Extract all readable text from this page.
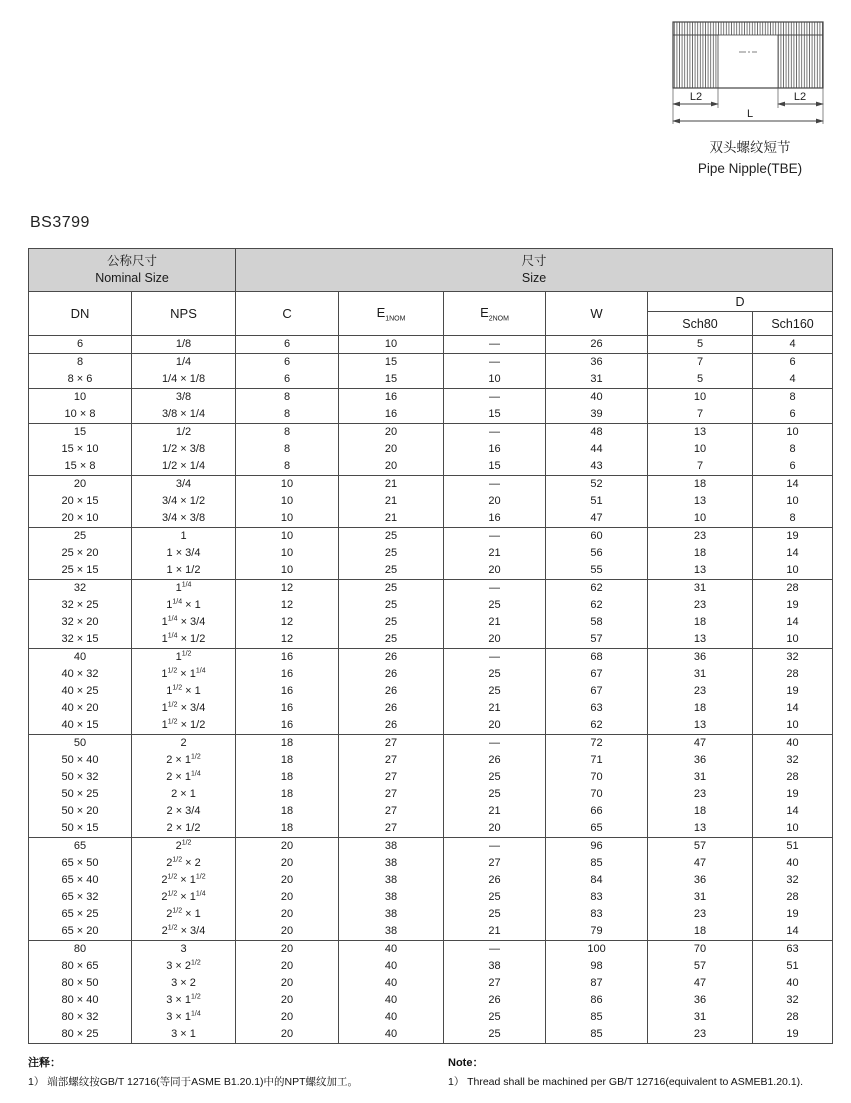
L2	L2
L
双头螺纹短节
Pipe Nipple(TBE)
BS3799
公称尺寸
Nominal Size		尺寸
Size					
DN	NPS	C	$E_{1NOM}$	$E_{2NOM}$	W	D	
						Sch80	Sch160
6	1/8	6	10	—	26	5	4
8	1/4	6	15	—	36	7	6
8 × 6	1/4 × 1/8	6	15	10	31	5	4
10	3/8	8	16	—	40	10	8
10 × 8	3/8 × 1/4	8	16	15	39	7	6
15	1/2	8	20	—	48	13	10
15 × 10	1/2 × 3/8	8	20	16	44	10	8
15 × 8	1/2 × 1/4	8	20	15	43	7	6
20	3/4	10	21	—	52	18	14
20 × 15	3/4 × 1/2	10	21	20	51	13	10
20 × 10	3/4 × 3/8	10	21	16	47	10	8
25	1	10	25	—	60	23	19
25 × 20	1 × 3/4	10	25	21	56	18	14
25 × 15	1 × 1/2	10	25	20	55	13	10
32	$1^{1/4}$	12	25	—	62	31	28
32 × 25	$1^{1/4} \times 1$	12	25	25	62	23	19
32 × 20	$1^{1/4} \times 3/4$	12	25	21	58	18	14
32 × 15	$1^{1/4} \times 1/2$	12	25	20	57	13	10
40	$1^{1/2}$	16	26	—	68	36	32
40 × 32	$1^{1/2} \times 1^{1/4}$	16	26	25	67	31	28
40 × 25	$1^{1/2} \times 1$	16	26	25	67	23	19
40 × 20	$1^{1/2} \times 3/4$	16	26	21	63	18	14
40 × 15	$1^{1/2} \times 1/2$	16	26	20	62	13	10
50	2	18	27	—	72	47	40
50 × 40	$2 \times 1^{1/2}$	18	27	26	71	36	32
50 × 32	$2 \times 1^{1/4}$	18	27	25	70	31	28
50 × 25	2 × 1	18	27	25	70	23	19
50 × 20	2 × 3/4	18	27	21	66	18	14
50 × 15	2 × 1/2	18	27	20	65	13	10
65	$2^{1/2}$	20	38	—	96	57	51
65 × 50	$2^{1/2} \times 2$	20	38	27	85	47	40
65 × 40	$2^{1/2} \times 1^{1/2}$	20	38	26	84	36	32
65 × 32	$2^{1/2} \times 1^{1/4}$	20	38	25	83	31	28
65 × 25	$2^{1/2} \times 1$	20	38	25	83	23	19
65 × 20	$2^{1/2} \times 3/4$	20	38	21	79	18	14
80	3	20	40	—	100	70	63
80 × 65	$3 \times 2^{1/2}$	20	40	38	98	57	51
80 × 50	3 × 2	20	40	27	87	47	40
80 × 40	$3 \times 1^{1/2}$	20	40	26	86	36	32
80 × 32	$3 \times 1^{1/4}$	20	40	25	85	31	28
80 × 25	3 × 1	20	40	25	85	23	19
注释：
1） 端部螺纹按GB/T 12716(等同于ASME B1.20.1)中的NPT螺纹加工。
Note：
1） Thread shall be machined per GB/T 12716(equivalent to ASMEB1.20.1).
